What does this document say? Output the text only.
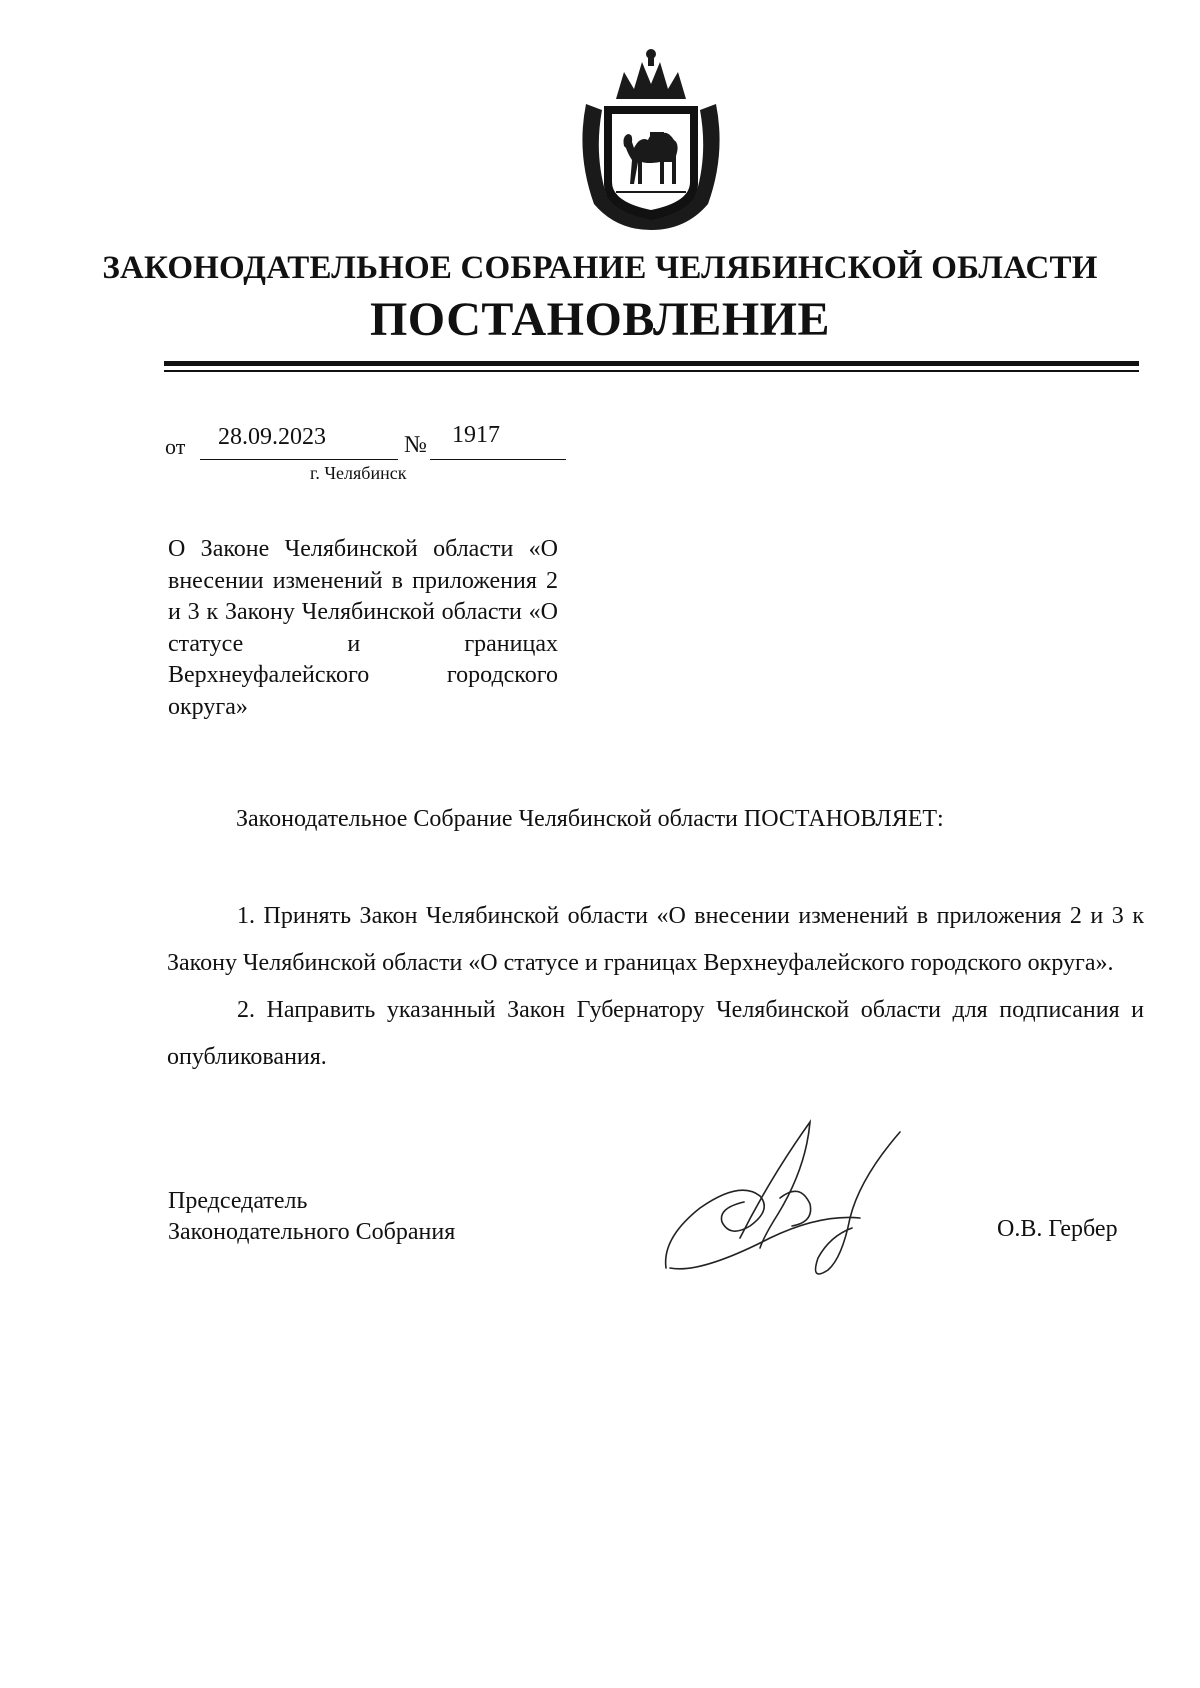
ЗАКОНОДАТЕЛЬНОЕ СОБРАНИЕ ЧЕЛЯБИНСКОЙ ОБЛАСТИ
ПОСТАНОВЛЕНИЕ
от 28.09.2023	№ 1917
г. Челябинск
О Законе Челябинской области «О внесении изменений в приложения 2 и 3 к Закону Челябинской области «О статусе и границах Верхнеуфалейского городского округа»
Законодательное Собрание Челябинской области ПОСТАНОВЛЯЕТ:

1. Принять Закон Челябинской области «О внесении изменений в приложения 2 и 3 к Закону Челябинской области «О статусе и границах Верхнеуфалейского городского округа».

2. Направить указанный Закон Губернатору Челябинской области для подписания и опубликования.

Председатель
Законодательного Собрания	О.В. Гербер
